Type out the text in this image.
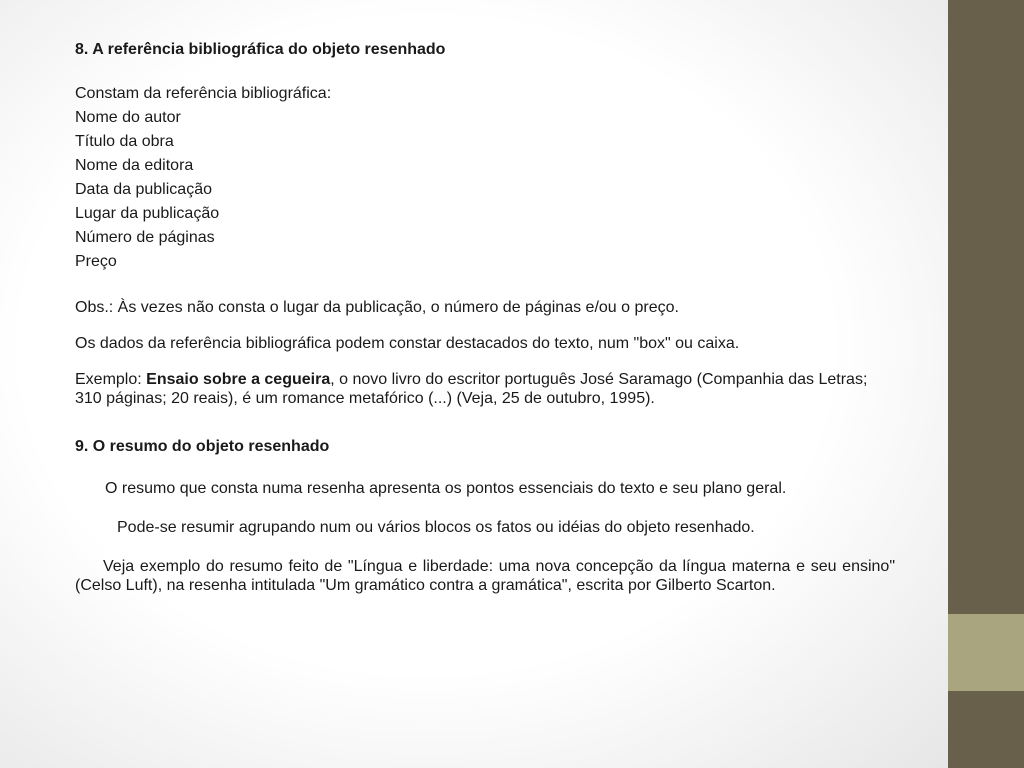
8. A referência bibliográfica do objeto resenhado

Constam da referência bibliográfica:

Nome do autor
Título da obra
Nome da editora
Data da publicação
Lugar da publicação
Número de páginas
Preço

Obs.: Às vezes não consta o lugar da publicação, o número de páginas e/ou o preço.

Os dados da referência bibliográfica podem constar destacados do texto, num "box" ou caixa.

Exemplo: Ensaio sobre a cegueira, o novo livro do escritor português José Saramago (Companhia das Letras; 310 páginas; 20 reais), é um romance metafórico (...) (Veja, 25 de outubro, 1995).

9. O resumo do objeto resenhado

O resumo que consta numa resenha apresenta os pontos essenciais do texto e seu plano geral.

Pode-se resumir agrupando num ou vários blocos os fatos ou idéias do objeto resenhado.

Veja exemplo do resumo feito de "Língua e liberdade: uma nova concepção da língua materna e seu ensino" (Celso Luft), na resenha intitulada "Um gramático contra a gramática", escrita por Gilberto Scarton.
